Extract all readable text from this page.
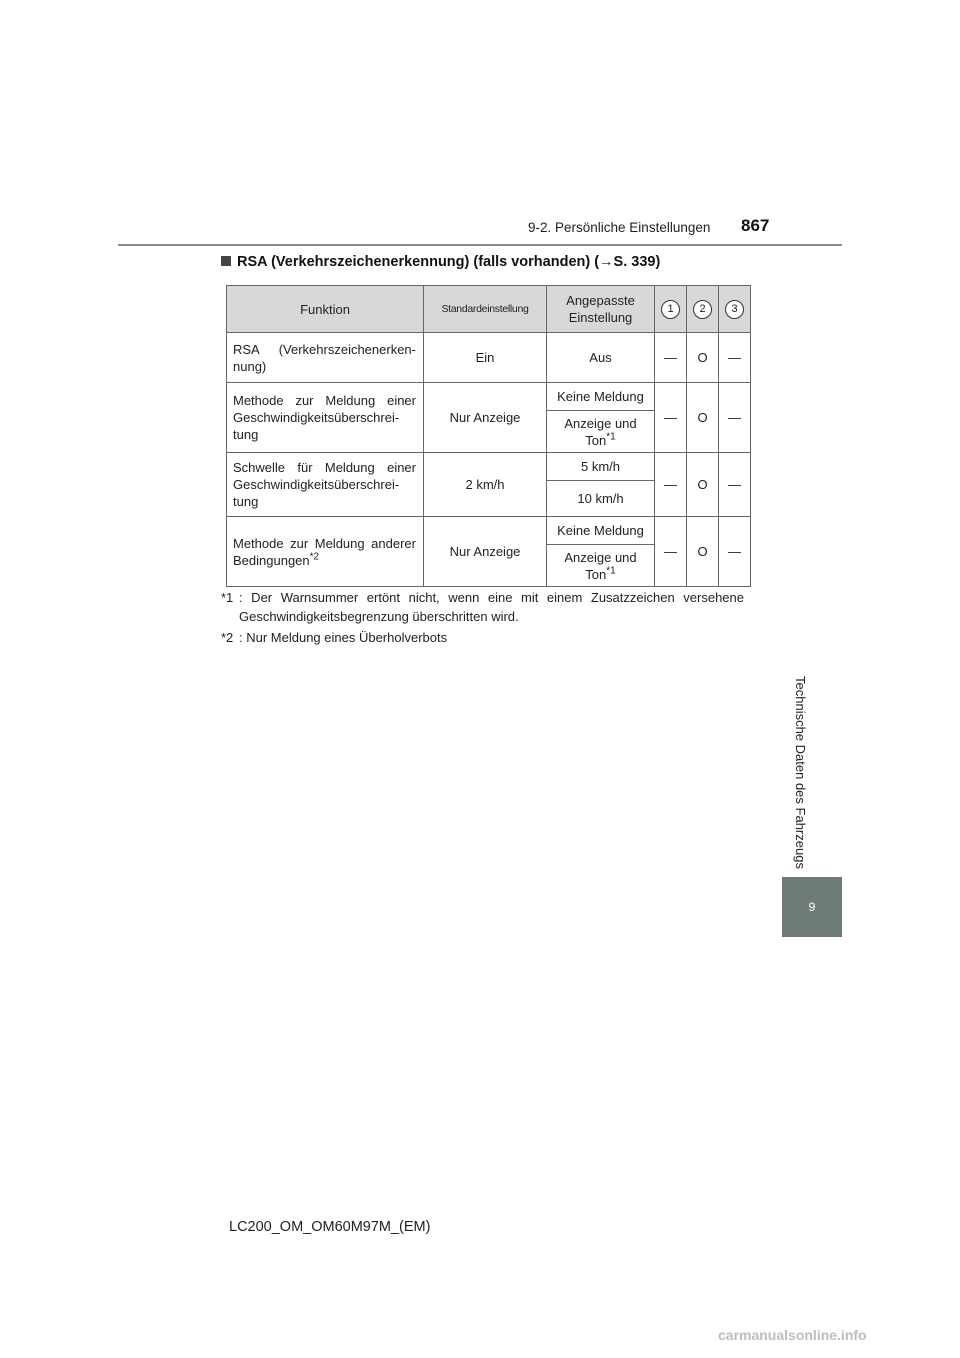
9-2. Persönliche Einstellungen 867
Technische Daten des Fahrzeugs
9
RSA (Verkehrszeichenerkennung) (falls vorhanden) (→S. 339)
Funktion	Standardeinstellung	Angepasste Einstellung	1	2	3
RSA (Verkehrszeichenerken-nung)	Ein	Aus	—	O	—
Methode zur Meldung einer Geschwindigkeitsüberschrei-tung	Nur Anzeige	Keine Meldung	—	O	—
		Anzeige und Ton$^{*1}$
Schwelle für Meldung einer Geschwindigkeitsüberschrei-tung	2 km/h	5 km/h	—	O	—
		10 km/h			
Methode zur Meldung anderer Bedingungen$^{*2}$	Nur Anzeige	Keine Meldung	—	O	—
		Anzeige und Ton$^{*1}$
*1 : Der Warnsummer ertönt nicht, wenn eine mit einem Zusatzzeichen versehene Geschwindigkeitsbegrenzung überschritten wird.
*2 : Nur Meldung eines Überholverbots
LC200_OM_OM60M97M_(EM)
carmanualsonline.info
